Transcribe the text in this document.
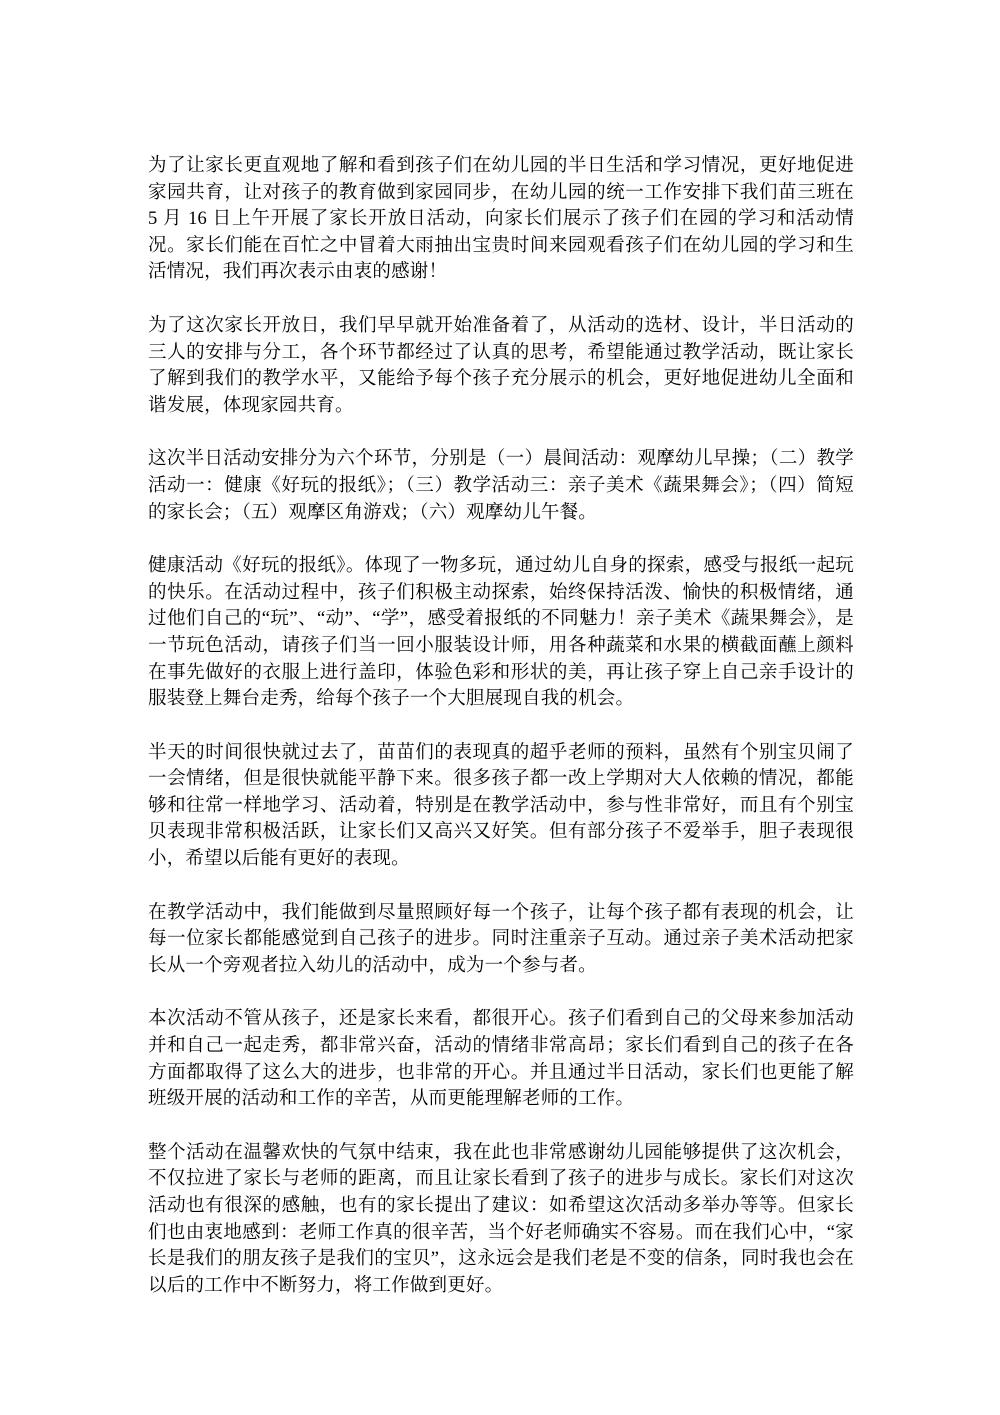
为了让家长更直观地了解和看到孩子们在幼儿园的半日生活和学习情况，更好地促进家园共育，让对孩子的教育做到家园同步，在幼儿园的统一工作安排下我们苗三班在 5 月 16 日上午开展了家长开放日活动，向家长们展示了孩子们在园的学习和活动情况。家长们能在百忙之中冒着大雨抽出宝贵时间来园观看孩子们在幼儿园的学习和生活情况，我们再次表示由衷的感谢！

为了这次家长开放日，我们早早就开始准备着了，从活动的选材、设计，半日活动的三人的安排与分工，各个环节都经过了认真的思考，希望能通过教学活动，既让家长了解到我们的教学水平，又能给予每个孩子充分展示的机会，更好地促进幼儿全面和谐发展，体现家园共育。

这次半日活动安排分为六个环节，分别是（一）晨间活动：观摩幼儿早操；（二）教学活动一：健康《好玩的报纸》；（三）教学活动三：亲子美术《蔬果舞会》；（四）简短的家长会；（五）观摩区角游戏；（六）观摩幼儿午餐。

健康活动《好玩的报纸》。体现了一物多玩，通过幼儿自身的探索，感受与报纸一起玩的快乐。在活动过程中，孩子们积极主动探索，始终保持活泼、愉快的积极情绪，通过他们自己的“玩”、“动”、“学”，感受着报纸的不同魅力！亲子美术《蔬果舞会》，是一节玩色活动，请孩子们当一回小服装设计师，用各种蔬菜和水果的横截面蘸上颜料在事先做好的衣服上进行盖印，体验色彩和形状的美，再让孩子穿上自己亲手设计的服装登上舞台走秀，给每个孩子一个大胆展现自我的机会。

半天的时间很快就过去了，苗苗们的表现真的超乎老师的预料，虽然有个别宝贝闹了一会情绪，但是很快就能平静下来。很多孩子都一改上学期对大人依赖的情况，都能够和往常一样地学习、活动着，特别是在教学活动中，参与性非常好，而且有个别宝贝表现非常积极活跃，让家长们又高兴又好笑。但有部分孩子不爱举手，胆子表现很小，希望以后能有更好的表现。

在教学活动中，我们能做到尽量照顾好每一个孩子，让每个孩子都有表现的机会，让每一位家长都能感觉到自己孩子的进步。同时注重亲子互动。通过亲子美术活动把家长从一个旁观者拉入幼儿的活动中，成为一个参与者。

本次活动不管从孩子，还是家长来看，都很开心。孩子们看到自己的父母来参加活动并和自己一起走秀，都非常兴奋，活动的情绪非常高昂；家长们看到自己的孩子在各方面都取得了这么大的进步，也非常的开心。并且通过半日活动，家长们也更能了解班级开展的活动和工作的辛苦，从而更能理解老师的工作。

整个活动在温馨欢快的气氛中结束，我在此也非常感谢幼儿园能够提供了这次机会，不仅拉进了家长与老师的距离，而且让家长看到了孩子的进步与成长。家长们对这次活动也有很深的感触，也有的家长提出了建议：如希望这次活动多举办等等。但家长们也由衷地感到：老师工作真的很辛苦，当个好老师确实不容易。而在我们心中，“家长是我们的朋友孩子是我们的宝贝”，这永远会是我们老是不变的信条，同时我也会在以后的工作中不断努力，将工作做到更好。
